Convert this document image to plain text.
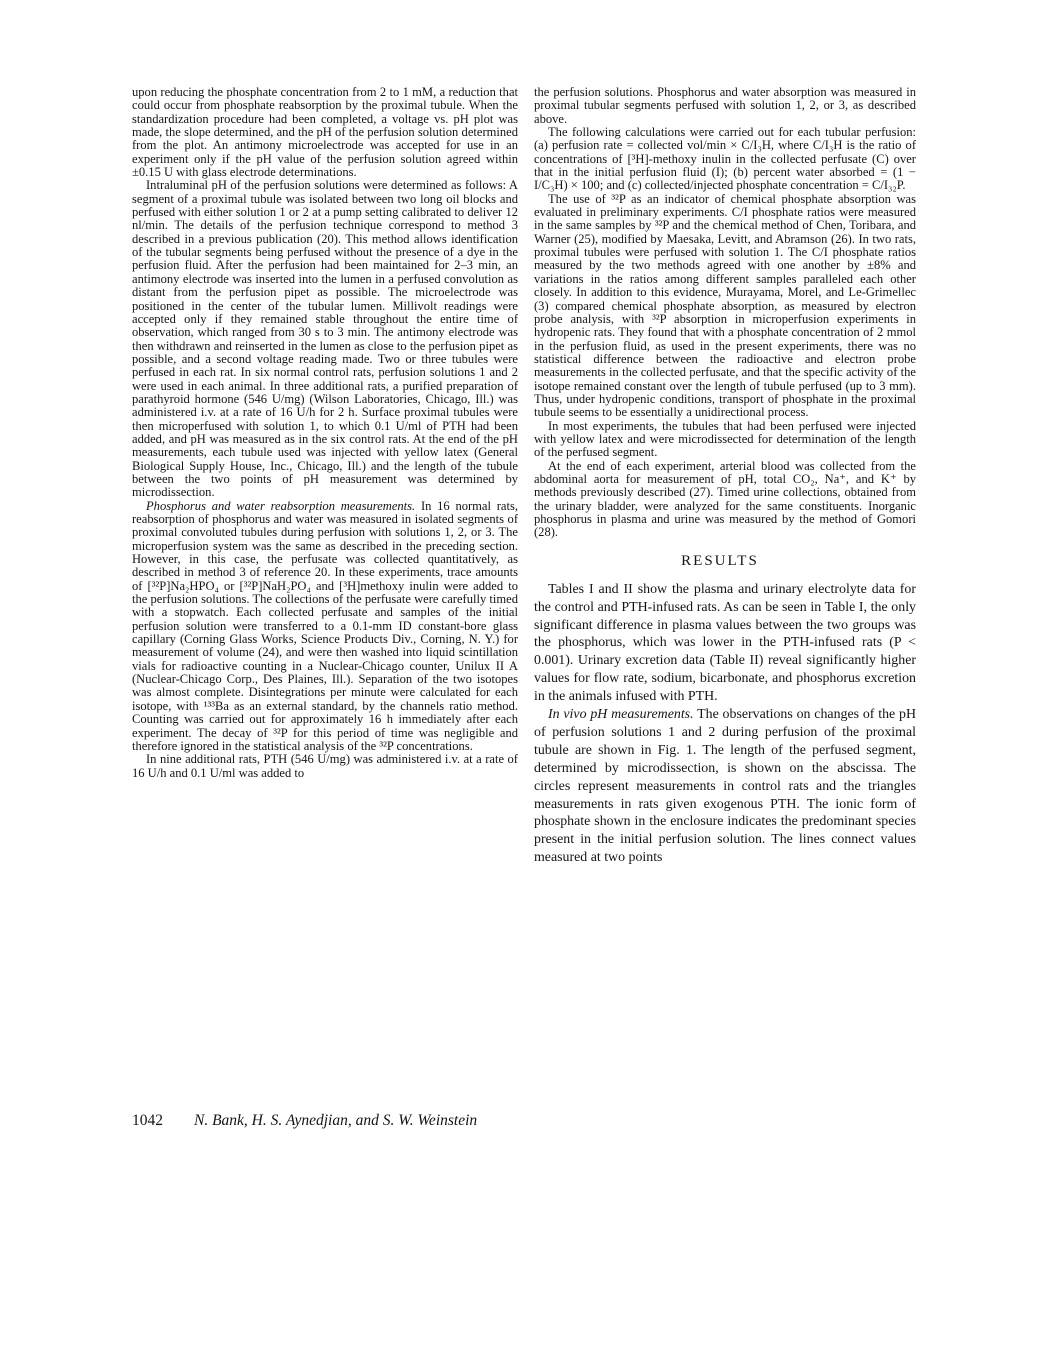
upon reducing the phosphate concentration from 2 to 1 mM, a reduction that could occur from phosphate reabsorption by the proximal tubule. When the standardization procedure had been completed, a voltage vs. pH plot was made, the slope determined, and the pH of the perfusion solution determined from the plot. An antimony microelectrode was accepted for use in an experiment only if the pH value of the perfusion solution agreed within ±0.15 U with glass electrode determinations.

Intraluminal pH of the perfusion solutions were determined as follows: A segment of a proximal tubule was isolated between two long oil blocks and perfused with either solution 1 or 2 at a pump setting calibrated to deliver 12 nl/min. The details of the perfusion technique correspond to method 3 described in a previous publication (20). This method allows identification of the tubular segments being perfused without the presence of a dye in the perfusion fluid. After the perfusion had been maintained for 2–3 min, an antimony electrode was inserted into the lumen in a perfused convolution as distant from the perfusion pipet as possible. The microelectrode was positioned in the center of the tubular lumen. Millivolt readings were accepted only if they remained stable throughout the entire time of observation, which ranged from 30 s to 3 min. The antimony electrode was then withdrawn and reinserted in the lumen as close to the perfusion pipet as possible, and a second voltage reading made. Two or three tubules were perfused in each rat. In six normal control rats, perfusion solutions 1 and 2 were used in each animal. In three additional rats, a purified preparation of parathyroid hormone (546 U/mg) (Wilson Laboratories, Chicago, Ill.) was administered i.v. at a rate of 16 U/h for 2 h. Surface proximal tubules were then microperfused with solution 1, to which 0.1 U/ml of PTH had been added, and pH was measured as in the six control rats. At the end of the pH measurements, each tubule used was injected with yellow latex (General Biological Supply House, Inc., Chicago, Ill.) and the length of the tubule between the two points of pH measurement was determined by microdissection.

Phosphorus and water reabsorption measurements. In 16 normal rats, reabsorption of phosphorus and water was measured in isolated segments of proximal convoluted tubules during perfusion with solutions 1, 2, or 3. The microperfusion system was the same as described in the preceding section. However, in this case, the perfusate was collected quantitatively, as described in method 3 of reference 20. In these experiments, trace amounts of [³²P]Na₂HPO₄ or [³²P]NaH₂PO₄ and [³H]methoxy inulin were added to the perfusion solutions. The collections of the perfusate were carefully timed with a stopwatch. Each collected perfusate and samples of the initial perfusion solution were transferred to a 0.1-mm ID constant-bore glass capillary (Corning Glass Works, Science Products Div., Corning, N. Y.) for measurement of volume (24), and were then washed into liquid scintillation vials for radioactive counting in a Nuclear-Chicago counter, Unilux II A (Nuclear-Chicago Corp., Des Plaines, Ill.). Separation of the two isotopes was almost complete. Disintegrations per minute were calculated for each isotope, with ¹³³Ba as an external standard, by the channels ratio method. Counting was carried out for approximately 16 h immediately after each experiment. The decay of ³²P for this period of time was negligible and therefore ignored in the statistical analysis of the ³²P concentrations.

In nine additional rats, PTH (546 U/mg) was administered i.v. at a rate of 16 U/h and 0.1 U/ml was added to

the perfusion solutions. Phosphorus and water absorption was measured in proximal tubular segments perfused with solution 1, 2, or 3, as described above.

The following calculations were carried out for each tubular perfusion: (a) perfusion rate = collected vol/min × C/I₃H, where C/I₃H is the ratio of concentrations of [³H]-methoxy inulin in the collected perfusate (C) over that in the initial perfusion fluid (I); (b) percent water absorbed = (1 − I/C₃H) × 100; and (c) collected/injected phosphate concentration = C/I₃₂P.

The use of ³²P as an indicator of chemical phosphate absorption was evaluated in preliminary experiments. C/I phosphate ratios were measured in the same samples by ³²P and the chemical method of Chen, Toribara, and Warner (25), modified by Maesaka, Levitt, and Abramson (26). In two rats, proximal tubules were perfused with solution 1. The C/I phosphate ratios measured by the two methods agreed with one another by ±8% and variations in the ratios among different samples paralleled each other closely. In addition to this evidence, Murayama, Morel, and Le-Grimellec (3) compared chemical phosphate absorption, as measured by electron probe analysis, with ³²P absorption in microperfusion experiments in hydropenic rats. They found that with a phosphate concentration of 2 mmol in the perfusion fluid, as used in the present experiments, there was no statistical difference between the radioactive and electron probe measurements in the collected perfusate, and that the specific activity of the isotope remained constant over the length of tubule perfused (up to 3 mm). Thus, under hydropenic conditions, transport of phosphate in the proximal tubule seems to be essentially a unidirectional process.

In most experiments, the tubules that had been perfused were injected with yellow latex and were microdissected for determination of the length of the perfused segment.

At the end of each experiment, arterial blood was collected from the abdominal aorta for measurement of pH, total CO₂, Na⁺, and K⁺ by methods previously described (27). Timed urine collections, obtained from the urinary bladder, were analyzed for the same constituents. Inorganic phosphorus in plasma and urine was measured by the method of Gomori (28).

RESULTS

Tables I and II show the plasma and urinary electrolyte data for the control and PTH-infused rats. As can be seen in Table I, the only significant difference in plasma values between the two groups was the phosphorus, which was lower in the PTH-infused rats (P < 0.001). Urinary excretion data (Table II) reveal significantly higher values for flow rate, sodium, bicarbonate, and phosphorus excretion in the animals infused with PTH.

In vivo pH measurements. The observations on changes of the pH of perfusion solutions 1 and 2 during perfusion of the proximal tubule are shown in Fig. 1. The length of the perfused segment, determined by microdissection, is shown on the abscissa. The circles represent measurements in control rats and the triangles measurements in rats given exogenous PTH. The ionic form of phosphate shown in the enclosure indicates the predominant species present in the initial perfusion solution. The lines connect values measured at two points

1042 N. Bank, H. S. Aynedjian, and S. W. Weinstein
